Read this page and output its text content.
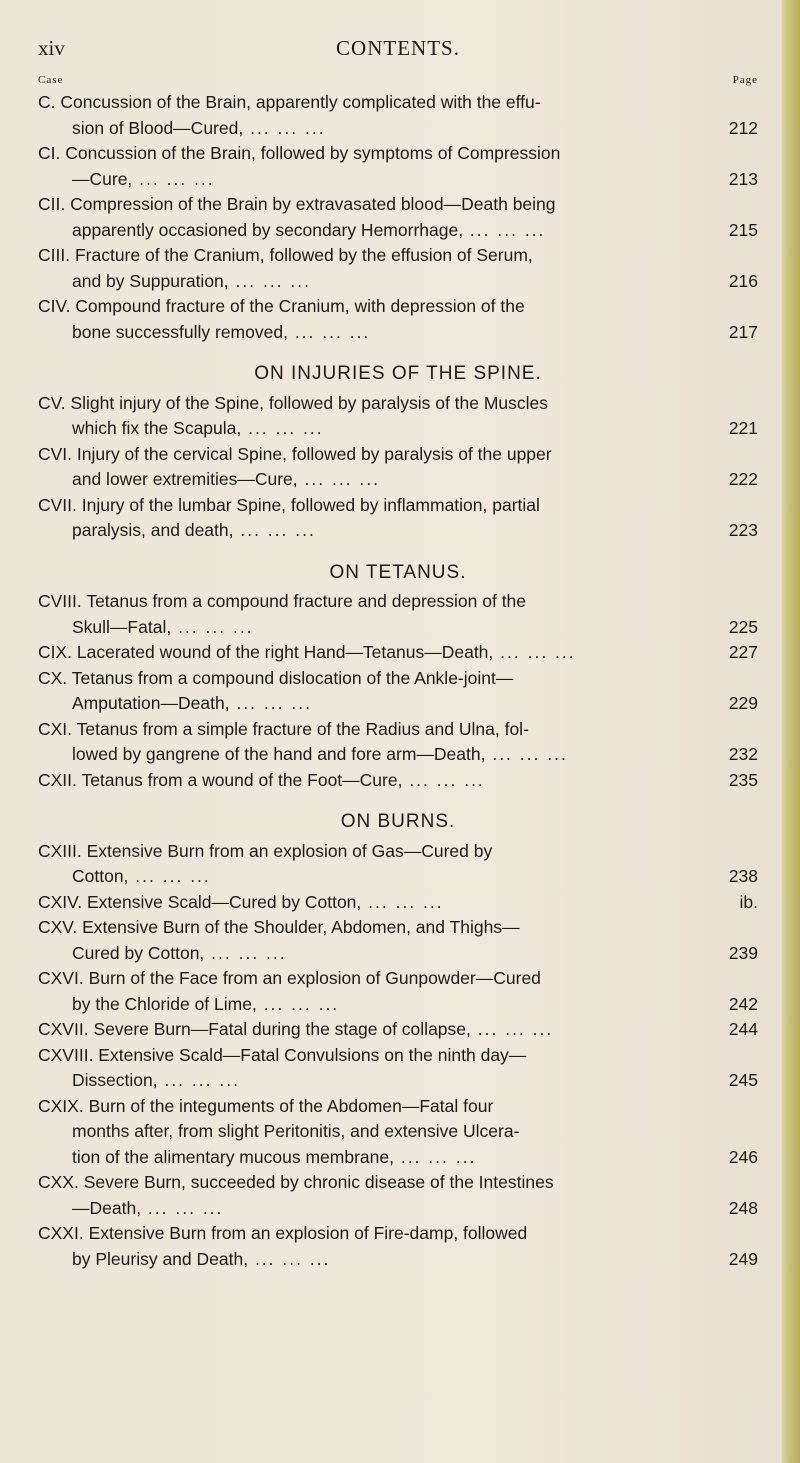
xiv	CONTENTS.
Case	Page
C. Concussion of the Brain, apparently complicated with the effu-
sion of Blood—Cured, ... ... ...	212
CI. Concussion of the Brain, followed by symptoms of Compression
—Cure, ... ... ...	213
CII. Compression of the Brain by extravasated blood—Death being
apparently occasioned by secondary Hemorrhage, ... ... ...	215
CIII. Fracture of the Cranium, followed by the effusion of Serum,
and by Suppuration, ... ... ...	216
CIV. Compound fracture of the Cranium, with depression of the
bone successfully removed, ... ... ...	217
ON INJURIES OF THE SPINE.
CV. Slight injury of the Spine, followed by paralysis of the Muscles
which fix the Scapula, ... ... ...	221
CVI. Injury of the cervical Spine, followed by paralysis of the upper
and lower extremities—Cure, ... ... ...	222
CVII. Injury of the lumbar Spine, followed by inflammation, partial
paralysis, and death, ... ... ...	223
ON TETANUS.
CVIII. Tetanus from a compound fracture and depression of the
Skull—Fatal, ... ... ...	225
CIX. Lacerated wound of the right Hand—Tetanus—Death, ... ... ...	227
CX. Tetanus from a compound dislocation of the Ankle-joint—
Amputation—Death, ... ... ...	229
CXI. Tetanus from a simple fracture of the Radius and Ulna, fol-
lowed by gangrene of the hand and fore arm—Death, ... ... ...	232
CXII. Tetanus from a wound of the Foot—Cure, ... ... ...	235
ON BURNS.
CXIII. Extensive Burn from an explosion of Gas—Cured by
Cotton, ... ... ...	238
CXIV. Extensive Scald—Cured by Cotton, ... ... ...	ib.
CXV. Extensive Burn of the Shoulder, Abdomen, and Thighs—
Cured by Cotton, ... ... ...	239
CXVI. Burn of the Face from an explosion of Gunpowder—Cured
by the Chloride of Lime, ... ... ...	242
CXVII. Severe Burn—Fatal during the stage of collapse, ... ... ...	244
CXVIII. Extensive Scald—Fatal Convulsions on the ninth day—
Dissection, ... ... ...	245
CXIX. Burn of the integuments of the Abdomen—Fatal four
months after, from slight Peritonitis, and extensive Ulcera-
tion of the alimentary mucous membrane, ... ... ...	246
CXX. Severe Burn, succeeded by chronic disease of the Intestines
—Death, ... ... ...	248
CXXI. Extensive Burn from an explosion of Fire-damp, followed
by Pleurisy and Death, ... ... ...	249
